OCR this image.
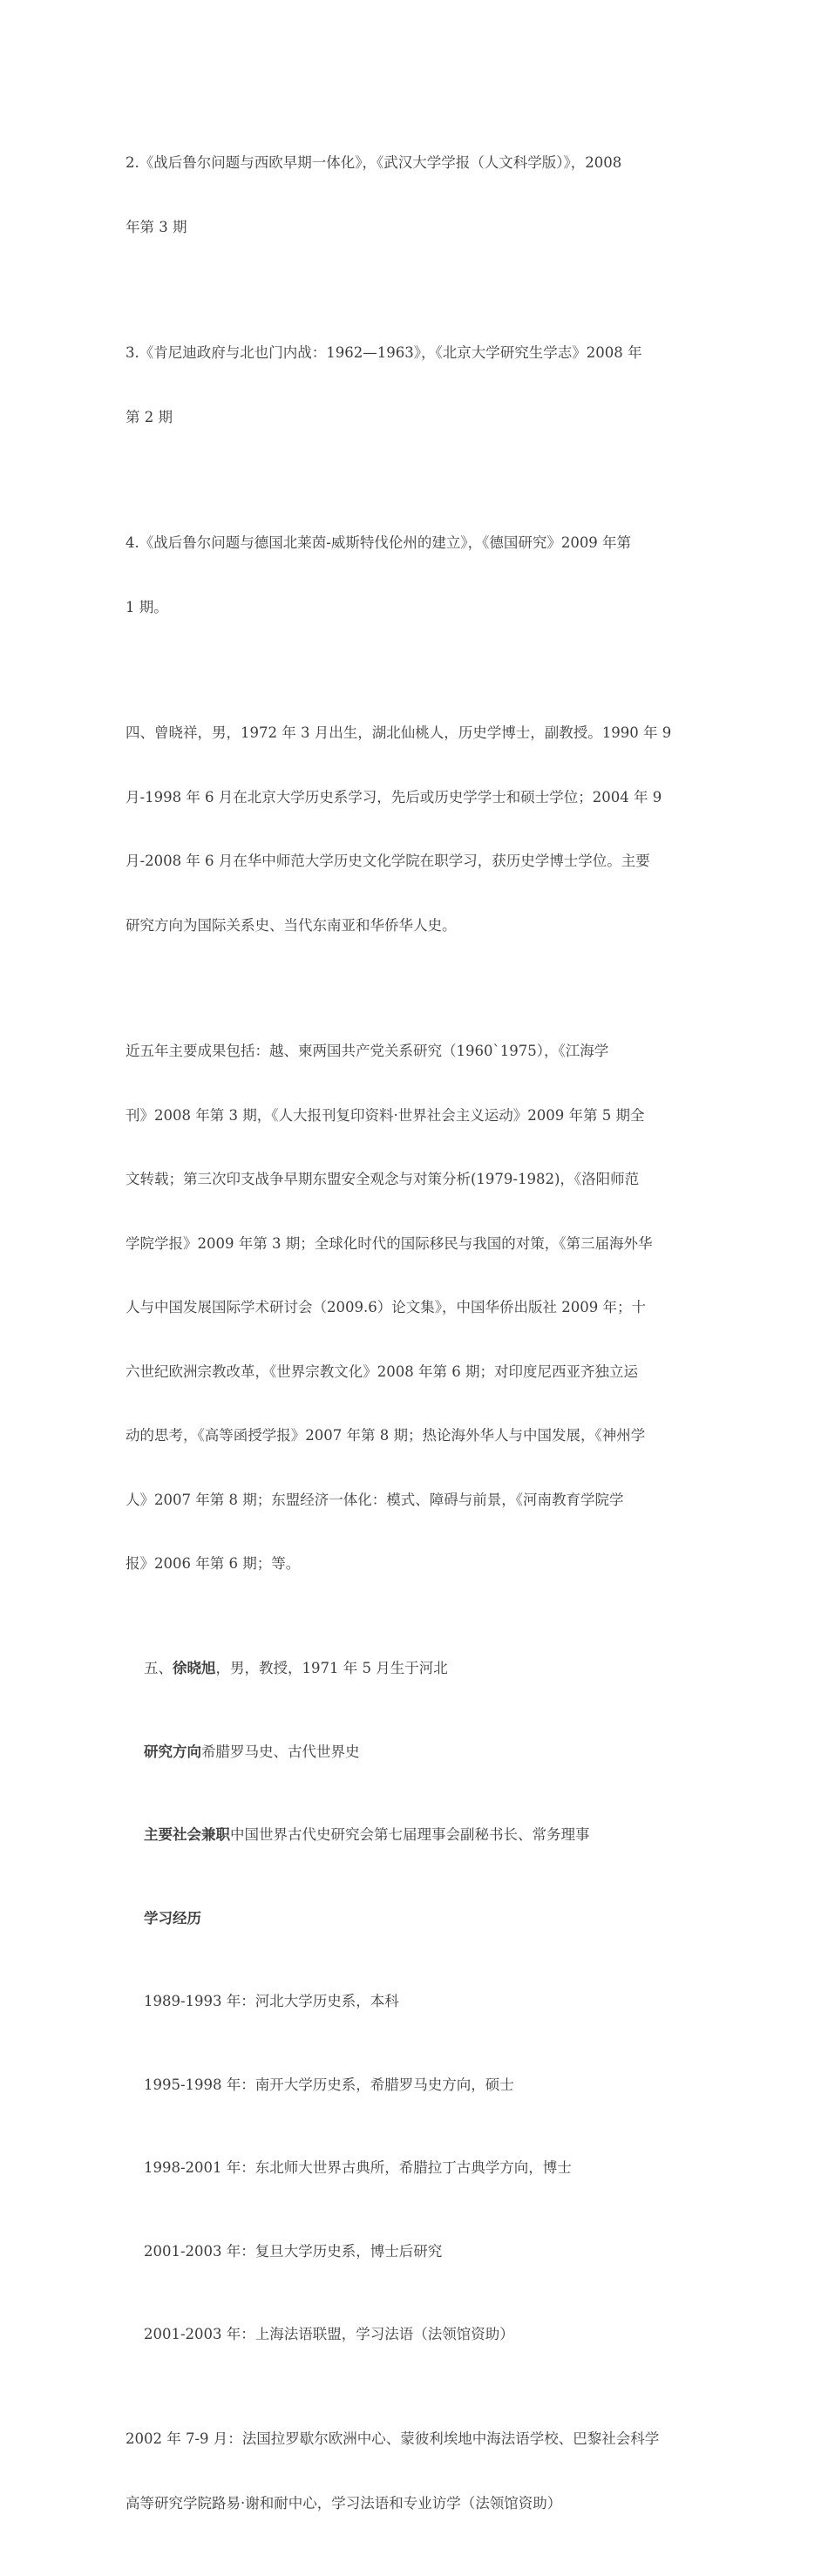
2.《战后鲁尔问题与西欧早期一体化》，《武汉大学学报（人文科学版）》，2008

年第 3 期

3.《肯尼迪政府与北也门内战：1962—1963》，《北京大学研究生学志》2008 年

第 2 期

4.《战后鲁尔问题与德国北莱茵-威斯特伐伦州的建立》，《德国研究》2009 年第

1 期。

四、曾晓祥，男，1972 年 3 月出生，湖北仙桃人，历史学博士，副教授。1990 年 9

月-1998 年 6 月在北京大学历史系学习，先后或历史学学士和硕士学位；2004 年 9

月-2008 年 6 月在华中师范大学历史文化学院在职学习，获历史学博士学位。主要

研究方向为国际关系史、当代东南亚和华侨华人史。

近五年主要成果包括：越、柬两国共产党关系研究（1960`1975），《江海学

刊》2008 年第 3 期，《人大报刊复印资料·世界社会主义运动》2009 年第 5 期全

文转载；第三次印支战争早期东盟安全观念与对策分析(1979-1982)，《洛阳师范

学院学报》2009 年第 3 期；全球化时代的国际移民与我国的对策，《第三届海外华

人与中国发展国际学术研讨会（2009.6）论文集》，中国华侨出版社 2009 年；十

六世纪欧洲宗教改革，《世界宗教文化》2008 年第 6 期；对印度尼西亚齐独立运

动的思考，《高等函授学报》2007 年第 8 期；热论海外华人与中国发展，《神州学

人》2007 年第 8 期；东盟经济一体化：模式、障碍与前景，《河南教育学院学

报》2006 年第 6 期；等。

五、徐晓旭，男，教授，1971 年 5 月生于河北

研究方向希腊罗马史、古代世界史

主要社会兼职中国世界古代史研究会第七届理事会副秘书长、常务理事

学习经历

1989-1993 年：河北大学历史系，本科

1995-1998 年：南开大学历史系，希腊罗马史方向，硕士

1998-2001 年：东北师大世界古典所，希腊拉丁古典学方向，博士

2001-2003 年：复旦大学历史系，博士后研究

2001-2003 年：上海法语联盟，学习法语（法领馆资助）

2002 年 7-9 月：法国拉罗歇尔欧洲中心、蒙彼利埃地中海法语学校、巴黎社会科学

高等研究学院路易·谢和耐中心，学习法语和专业访学（法领馆资助）
